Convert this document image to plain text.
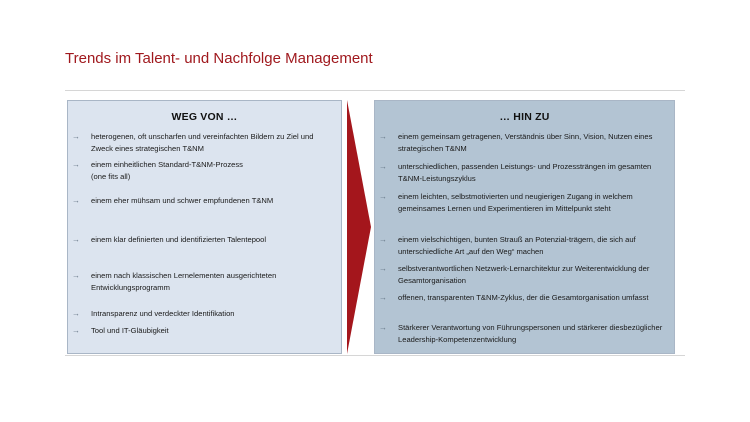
Trends im Talent- und Nachfolge Management
WEG VON …
→	heterogenen, oft unscharfen und vereinfachten Bildern zu Ziel und Zweck eines strategischen T&NM
→	einem einheitlichen Standard-T&NM-Prozess
(one fits all)
→	einem eher mühsam und schwer empfundenen T&NM
→	einem klar definierten und identifizierten Talentepool
→	einem nach klassischen Lernelementen ausgerichteten Entwicklungsprogramm
→	Intransparenz und verdeckter Identifikation
→	Tool und IT-Gläubigkeit
… HIN ZU
→	einem gemeinsam getragenen, Verständnis über Sinn, Vision, Nutzen eines strategischen T&NM
→	unterschiedlichen, passenden Leistungs- und Prozessträngen im gesamten T&NM-Leistungszyklus
→	einem leichten, selbstmotivierten und neugierigen Zugang in welchem gemeinsames Lernen und Experimentieren im Mittelpunkt steht
→	einem vielschichtigen, bunten Strauß an Potenzial-trägern, die sich auf unterschiedliche Art „auf den Weg“ machen
→	selbstverantwortlichen Netzwerk-Lernarchitektur zur Weiterentwicklung der Gesamtorganisation
→	offenen, transparenten T&NM-Zyklus, der die Gesamtorganisation umfasst
→	Stärkerer Verantwortung von Führungspersonen und stärkerer diesbezüglicher Leadership-Kompetenzentwicklung
